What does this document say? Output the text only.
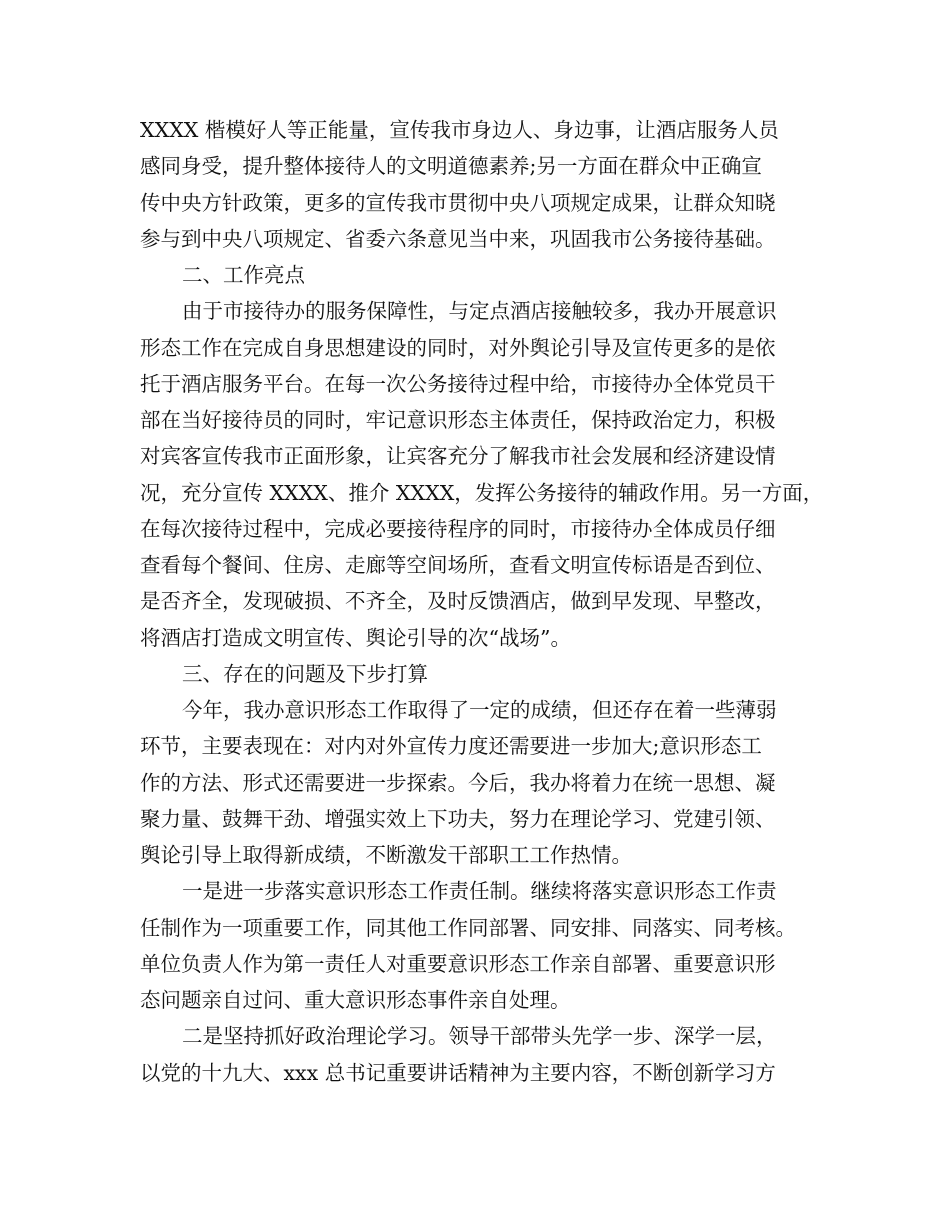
XXXX 楷模好人等正能量，宣传我市身边人、身边事，让酒店服务人员
感同身受，提升整体接待人的文明道德素养;另一方面在群众中正确宣
传中央方针政策，更多的宣传我市贯彻中央八项规定成果，让群众知晓
参与到中央八项规定、省委六条意见当中来，巩固我市公务接待基础。
二、工作亮点
由于市接待办的服务保障性，与定点酒店接触较多，我办开展意识
形态工作在完成自身思想建设的同时，对外舆论引导及宣传更多的是依
托于酒店服务平台。在每一次公务接待过程中给，市接待办全体党员干
部在当好接待员的同时，牢记意识形态主体责任，保持政治定力，积极
对宾客宣传我市正面形象，让宾客充分了解我市社会发展和经济建设情
况，充分宣传 XXXX、推介 XXXX，发挥公务接待的辅政作用。另一方面，
在每次接待过程中，完成必要接待程序的同时，市接待办全体成员仔细
查看每个餐间、住房、走廊等空间场所，查看文明宣传标语是否到位、
是否齐全，发现破损、不齐全，及时反馈酒店，做到早发现、早整改，
将酒店打造成文明宣传、舆论引导的次“战场”。
三、存在的问题及下步打算
今年，我办意识形态工作取得了一定的成绩，但还存在着一些薄弱
环节，主要表现在：对内对外宣传力度还需要进一步加大;意识形态工
作的方法、形式还需要进一步探索。今后，我办将着力在统一思想、凝
聚力量、鼓舞干劲、增强实效上下功夫，努力在理论学习、党建引领、
舆论引导上取得新成绩，不断激发干部职工工作热情。
一是进一步落实意识形态工作责任制。继续将落实意识形态工作责
任制作为一项重要工作，同其他工作同部署、同安排、同落实、同考核。
单位负责人作为第一责任人对重要意识形态工作亲自部署、重要意识形
态问题亲自过问、重大意识形态事件亲自处理。
二是坚持抓好政治理论学习。领导干部带头先学一步、深学一层，
以党的十九大、xxx 总书记重要讲话精神为主要内容，不断创新学习方
